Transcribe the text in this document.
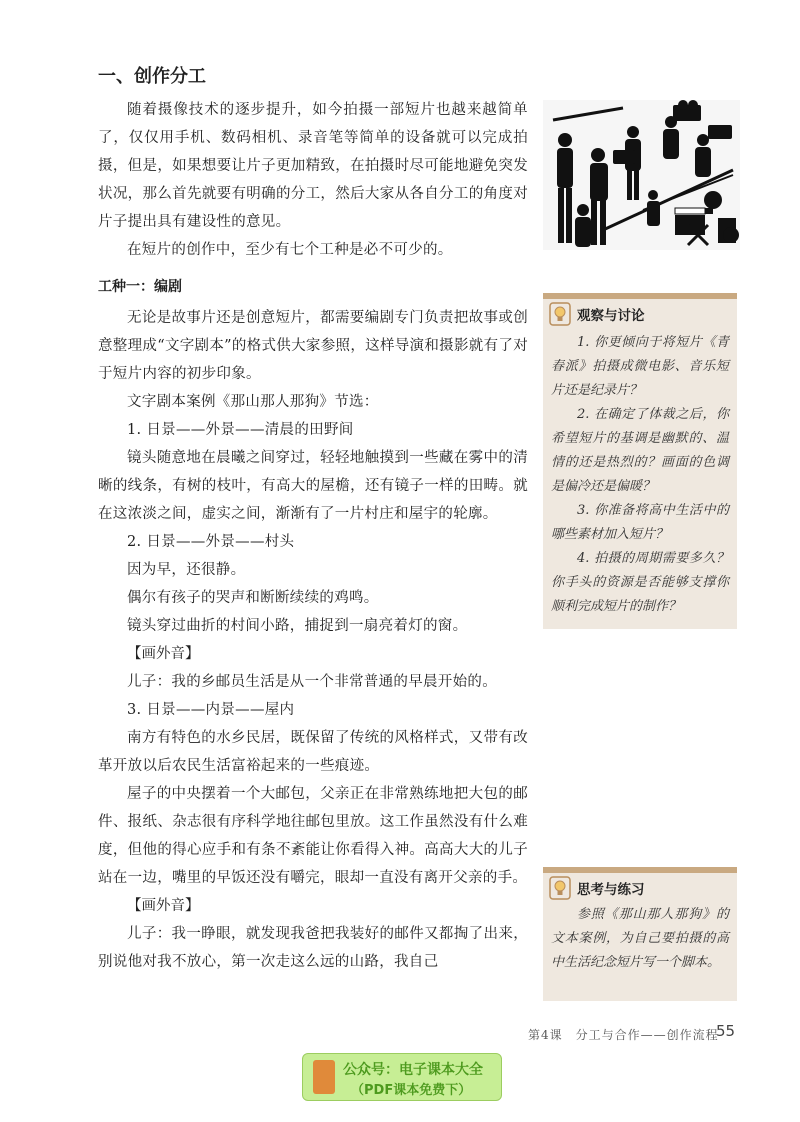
一、创作分工

随着摄像技术的逐步提升，如今拍摄一部短片也越来越简单了，仅仅用手机、数码相机、录音笔等简单的设备就可以完成拍摄，但是，如果想要让片子更加精致，在拍摄时尽可能地避免突发状况，那么首先就要有明确的分工，然后大家从各自分工的角度对片子提出具有建设性的意见。

在短片的创作中，至少有七个工种是必不可少的。

工种一：编剧

无论是故事片还是创意短片，都需要编剧专门负责把故事或创意整理成“文字剧本”的格式供大家参照，这样导演和摄影就有了对于短片内容的初步印象。

文字剧本案例《那山那人那狗》节选：

1. 日景——外景——清晨的田野间

镜头随意地在晨曦之间穿过，轻轻地触摸到一些藏在雾中的清晰的线条，有树的枝叶，有高大的屋檐，还有镜子一样的田畴。就在这浓淡之间，虚实之间，渐渐有了一片村庄和屋宇的轮廓。

2. 日景——外景——村头

因为早，还很静。

偶尔有孩子的哭声和断断续续的鸡鸣。

镜头穿过曲折的村间小路，捕捉到一扇亮着灯的窗。

【画外音】

儿子：我的乡邮员生活是从一个非常普通的早晨开始的。

3. 日景——内景——屋内

南方有特色的水乡民居，既保留了传统的风格样式，又带有改革开放以后农民生活富裕起来的一些痕迹。

屋子的中央摆着一个大邮包，父亲正在非常熟练地把大包的邮件、报纸、杂志很有序科学地往邮包里放。这工作虽然没有什么难度，但他的得心应手和有条不紊能让你看得入神。高高大大的儿子站在一边，嘴里的早饭还没有嚼完，眼却一直没有离开父亲的手。

【画外音】

儿子：我一睁眼，就发现我爸把我装好的邮件又都掏了出来，别说他对我不放心，第一次走这么远的山路，我自己

观察与讨论

1. 你更倾向于将短片《青春派》拍摄成微电影、音乐短片还是纪录片？

2. 在确定了体裁之后，你希望短片的基调是幽默的、温情的还是热烈的？画面的色调是偏冷还是偏暖？

3. 你准备将高中生活中的哪些素材加入短片？

4. 拍摄的周期需要多久？你手头的资源是否能够支撑你顺利完成短片的制作？

思考与练习

参照《那山那人那狗》的文本案例，为自己要拍摄的高中生活纪念短片写一个脚本。

第4课　分工与合作——创作流程
55
公众号：电子课本大全
（PDF课本免费下）
